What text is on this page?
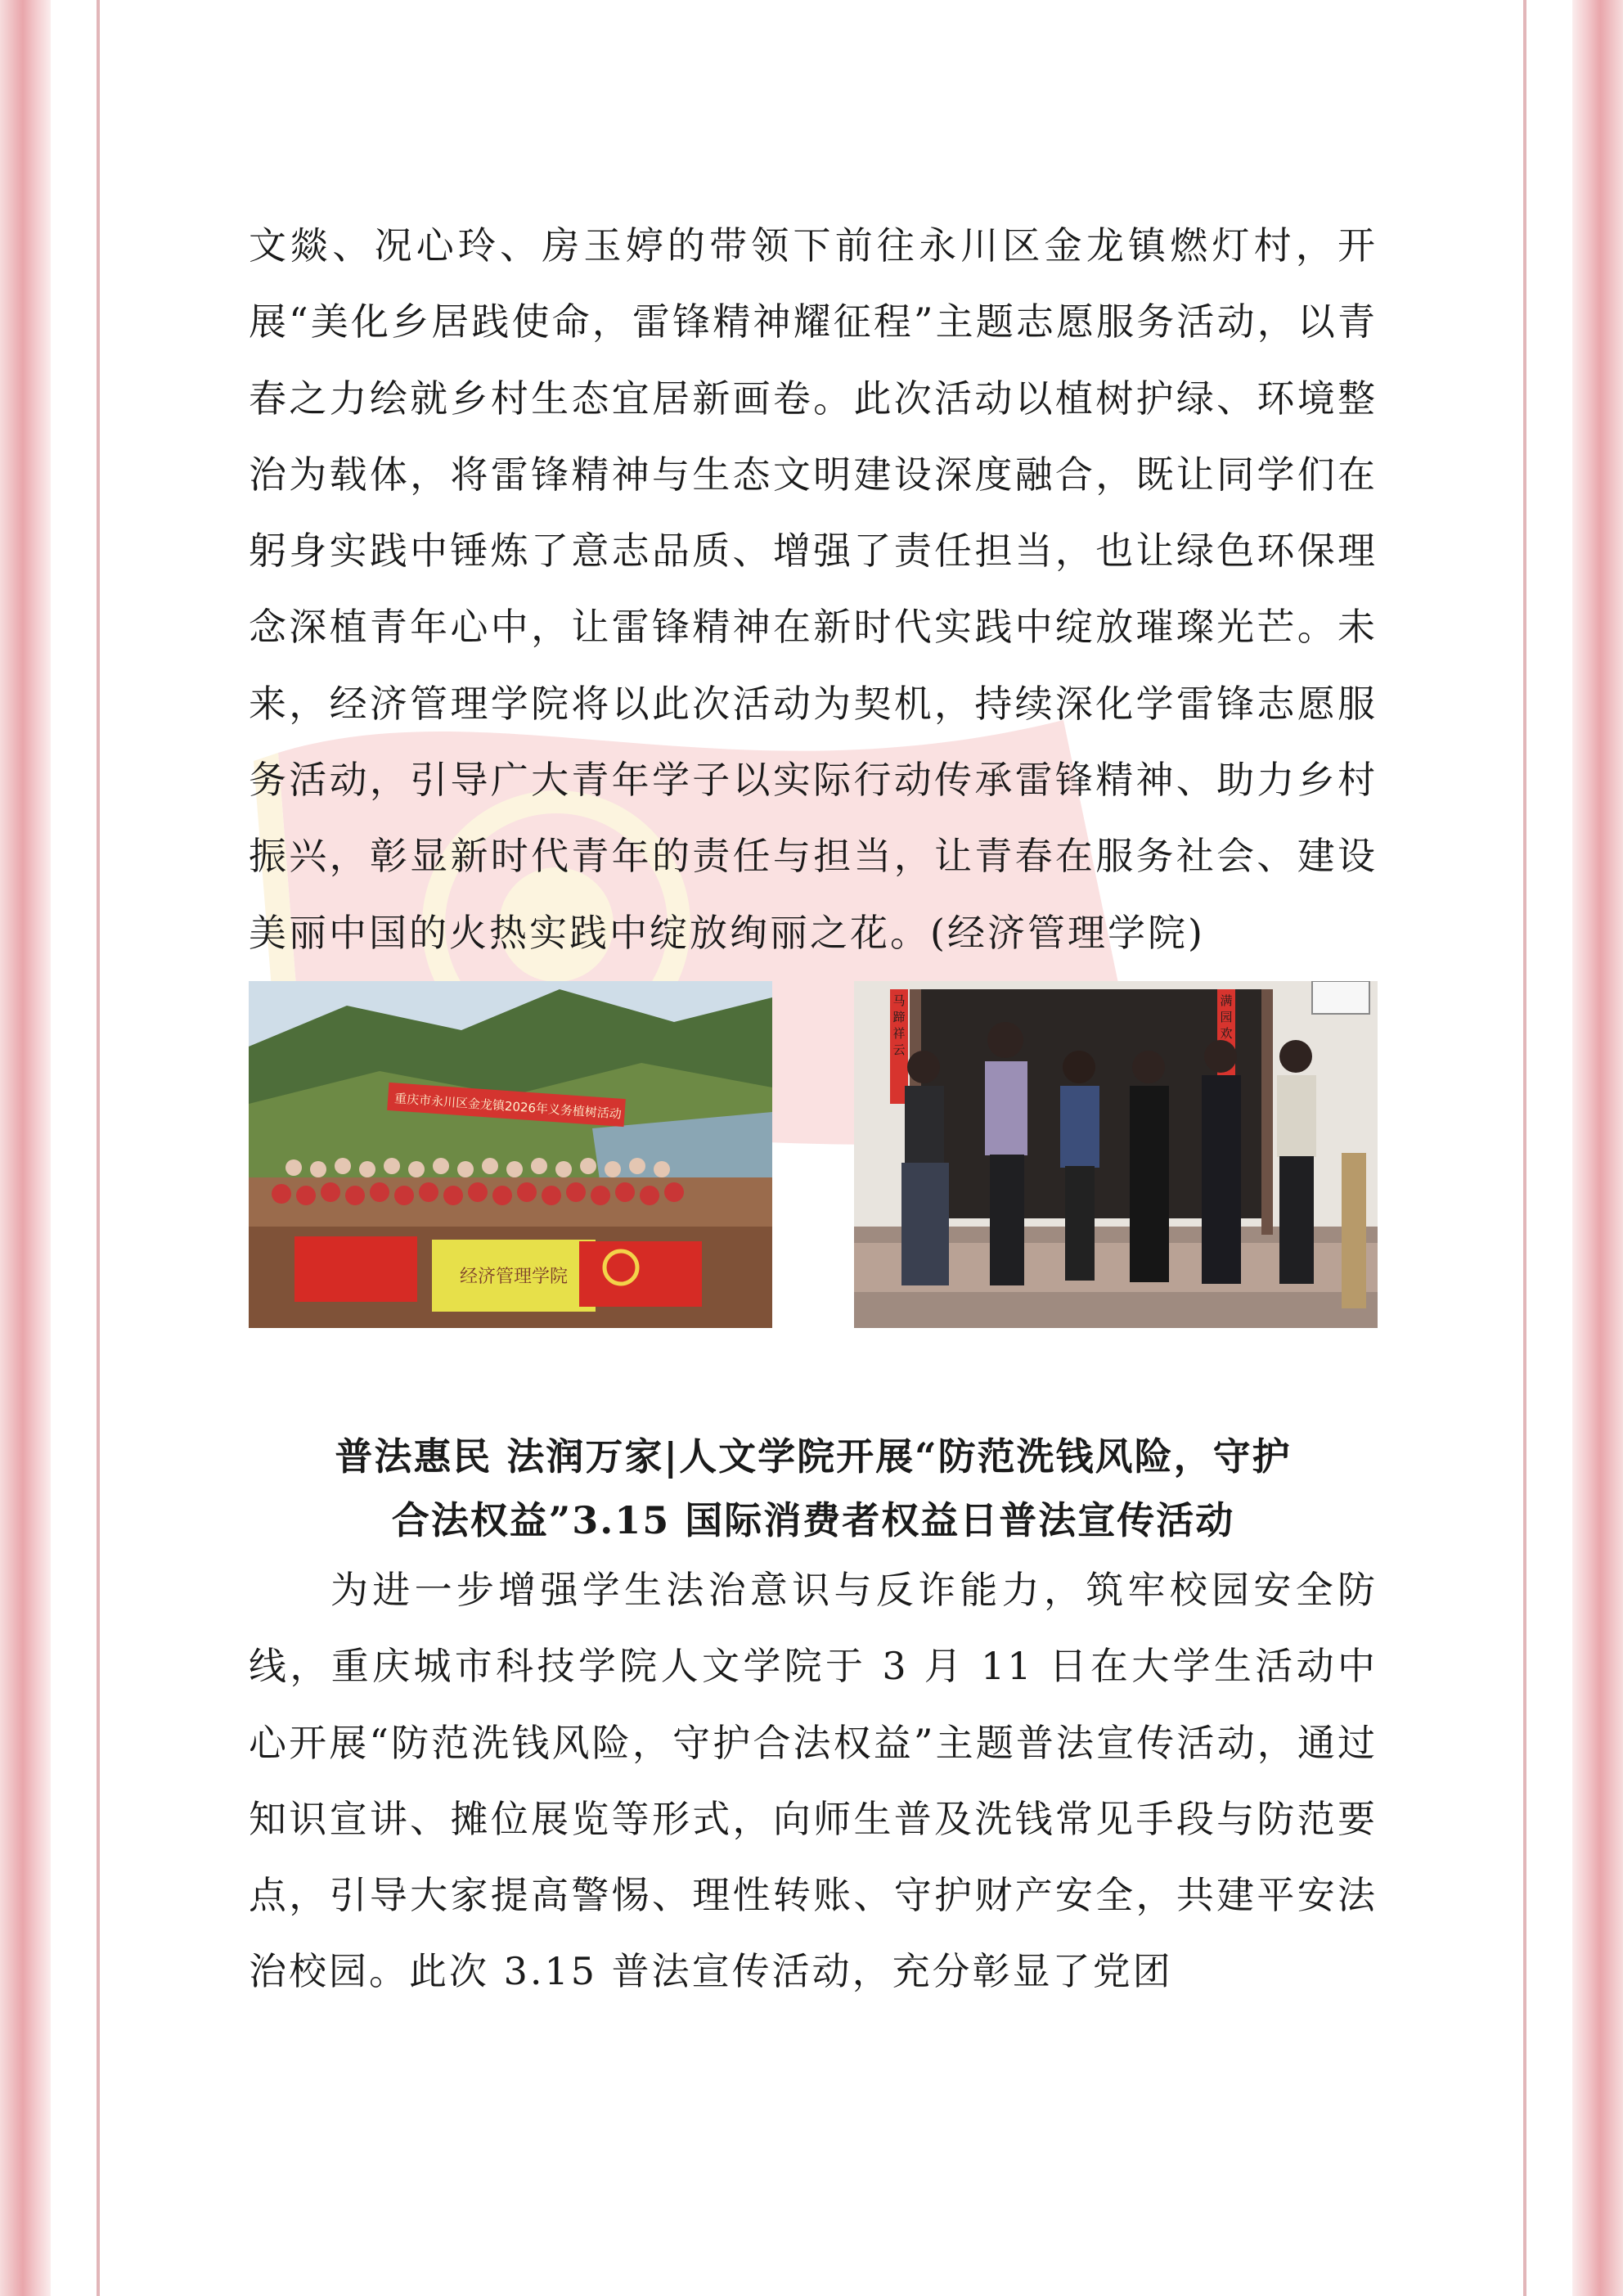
文燚、况心玲、房玉婷的带领下前往永川区金龙镇燃灯村，开展“美化乡居践使命，雷锋精神耀征程”主题志愿服务活动，以青春之力绘就乡村生态宜居新画卷。此次活动以植树护绿、环境整治为载体，将雷锋精神与生态文明建设深度融合，既让同学们在躬身实践中锤炼了意志品质、增强了责任担当，也让绿色环保理念深植青年心中，让雷锋精神在新时代实践中绽放璀璨光芒。未来，经济管理学院将以此次活动为契机，持续深化学雷锋志愿服务活动，引导广大青年学子以实际行动传承雷锋精神、助力乡村振兴，彰显新时代青年的责任与担当，让青春在服务社会、建设美丽中国的火热实践中绽放绚丽之花。(经济管理学院)

重庆市永川区金龙镇2026年义务植树活动
经济管理学院
马蹄祥云
满园欢
普法惠民 法润万家|人文学院开展“防范洗钱风险，守护
合法权益”3.15 国际消费者权益日普法宣传活动

为进一步增强学生法治意识与反诈能力，筑牢校园安全防线，重庆城市科技学院人文学院于 3 月 11 日在大学生活动中心开展“防范洗钱风险，守护合法权益”主题普法宣传活动，通过知识宣讲、摊位展览等形式，向师生普及洗钱常见手段与防范要点，引导大家提高警惕、理性转账、守护财产安全，共建平安法治校园。此次 3.15 普法宣传活动，充分彰显了党团
